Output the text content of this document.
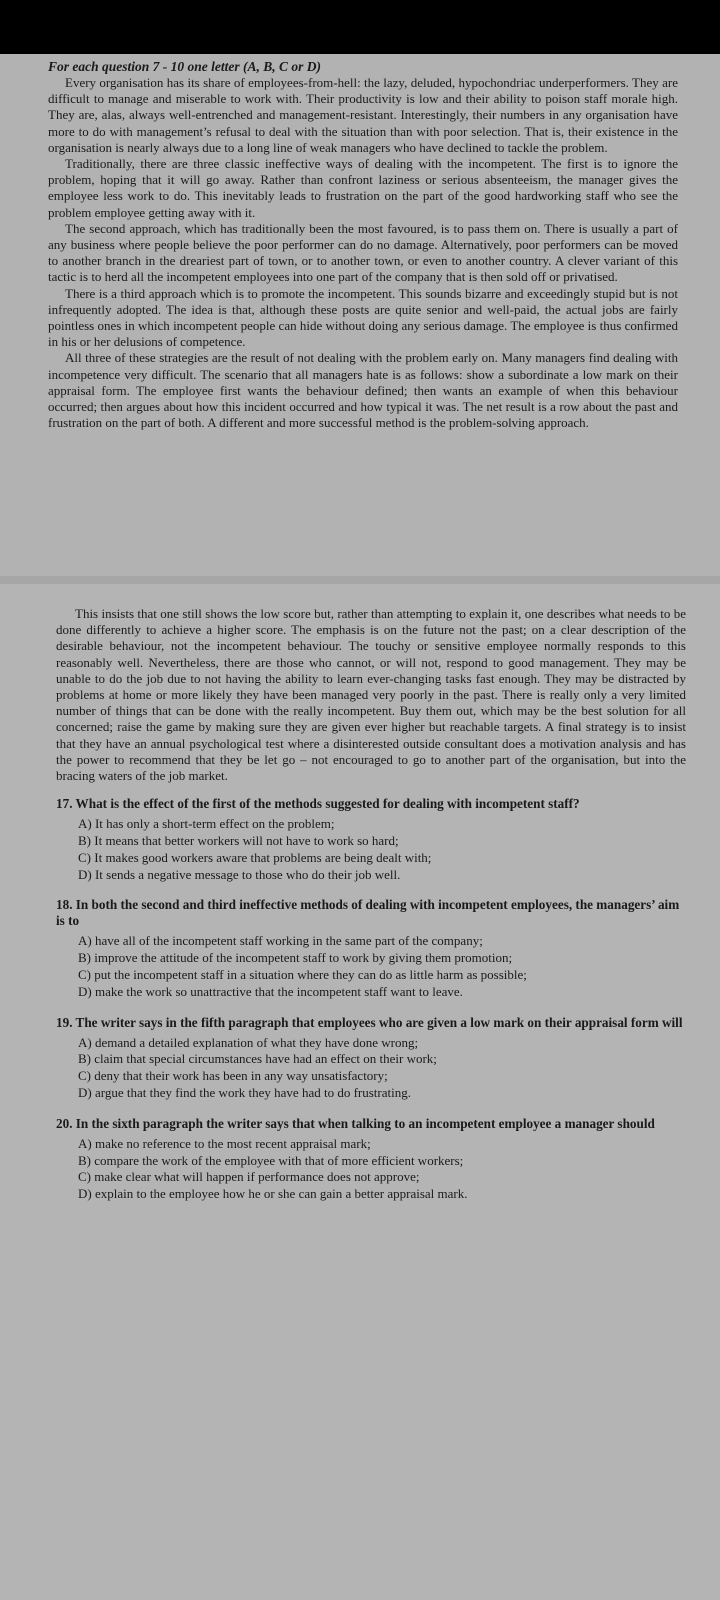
For each question 7 - 10 one letter (A, B, C or D)

Every organisation has its share of employees-from-hell: the lazy, deluded, hypochondriac underperformers. They are difficult to manage and miserable to work with. Their productivity is low and their ability to poison staff morale high. They are, alas, always well-entrenched and management-resistant. Interestingly, their numbers in any organisation have more to do with management’s refusal to deal with the situation than with poor selection. That is, their existence in the organisation is nearly always due to a long line of weak managers who have declined to tackle the problem.

Traditionally, there are three classic ineffective ways of dealing with the incompetent. The first is to ignore the problem, hoping that it will go away. Rather than confront laziness or serious absenteeism, the manager gives the employee less work to do. This inevitably leads to frustration on the part of the good hardworking staff who see the problem employee getting away with it.

The second approach, which has traditionally been the most favoured, is to pass them on. There is usually a part of any business where people believe the poor performer can do no damage. Alternatively, poor performers can be moved to another branch in the dreariest part of town, or to another town, or even to another country. A clever variant of this tactic is to herd all the incompetent employees into one part of the company that is then sold off or privatised.

There is a third approach which is to promote the incompetent. This sounds bizarre and exceedingly stupid but is not infrequently adopted. The idea is that, although these posts are quite senior and well-paid, the actual jobs are fairly pointless ones in which incompetent people can hide without doing any serious damage. The employee is thus confirmed in his or her delusions of competence.

All three of these strategies are the result of not dealing with the problem early on. Many managers find dealing with incompetence very difficult. The scenario that all managers hate is as follows: show a subordinate a low mark on their appraisal form. The employee first wants the behaviour defined; then wants an example of when this behaviour occurred; then argues about how this incident occurred and how typical it was. The net result is a row about the past and frustration on the part of both. A different and more successful method is the problem-solving approach.

This insists that one still shows the low score but, rather than attempting to explain it, one describes what needs to be done differently to achieve a higher score. The emphasis is on the future not the past; on a clear description of the desirable behaviour, not the incompetent behaviour. The touchy or sensitive employee normally responds to this reasonably well. Nevertheless, there are those who cannot, or will not, respond to good management. They may be unable to do the job due to not having the ability to learn ever-changing tasks fast enough. They may be distracted by problems at home or more likely they have been managed very poorly in the past. There is really only a very limited number of things that can be done with the really incompetent. Buy them out, which may be the best solution for all concerned; raise the game by making sure they are given ever higher but reachable targets. A final strategy is to insist that they have an annual psychological test where a disinterested outside consultant does a motivation analysis and has the power to recommend that they be let go – not encouraged to go to another part of the organisation, but into the bracing waters of the job market.

17. What is the effect of the first of the methods suggested for dealing with incompetent staff?

A) It has only a short-term effect on the problem;
B) It means that better workers will not have to work so hard;
C) It makes good workers aware that problems are being dealt with;
D) It sends a negative message to those who do their job well.

18. In both the second and third ineffective methods of dealing with incompetent employees, the managers’ aim is to

A) have all of the incompetent staff working in the same part of the company;
B) improve the attitude of the incompetent staff to work by giving them promotion;
C) put the incompetent staff in a situation where they can do as little harm as possible;
D) make the work so unattractive that the incompetent staff want to leave.

19. The writer says in the fifth paragraph that employees who are given a low mark on their appraisal form will

A) demand a detailed explanation of what they have done wrong;
B) claim that special circumstances have had an effect on their work;
C) deny that their work has been in any way unsatisfactory;
D) argue that they find the work they have had to do frustrating.

20. In the sixth paragraph the writer says that when talking to an incompetent employee a manager should

A) make no reference to the most recent appraisal mark;
B) compare the work of the employee with that of more efficient workers;
C) make clear what will happen if performance does not approve;
D) explain to the employee how he or she can gain a better appraisal mark.
